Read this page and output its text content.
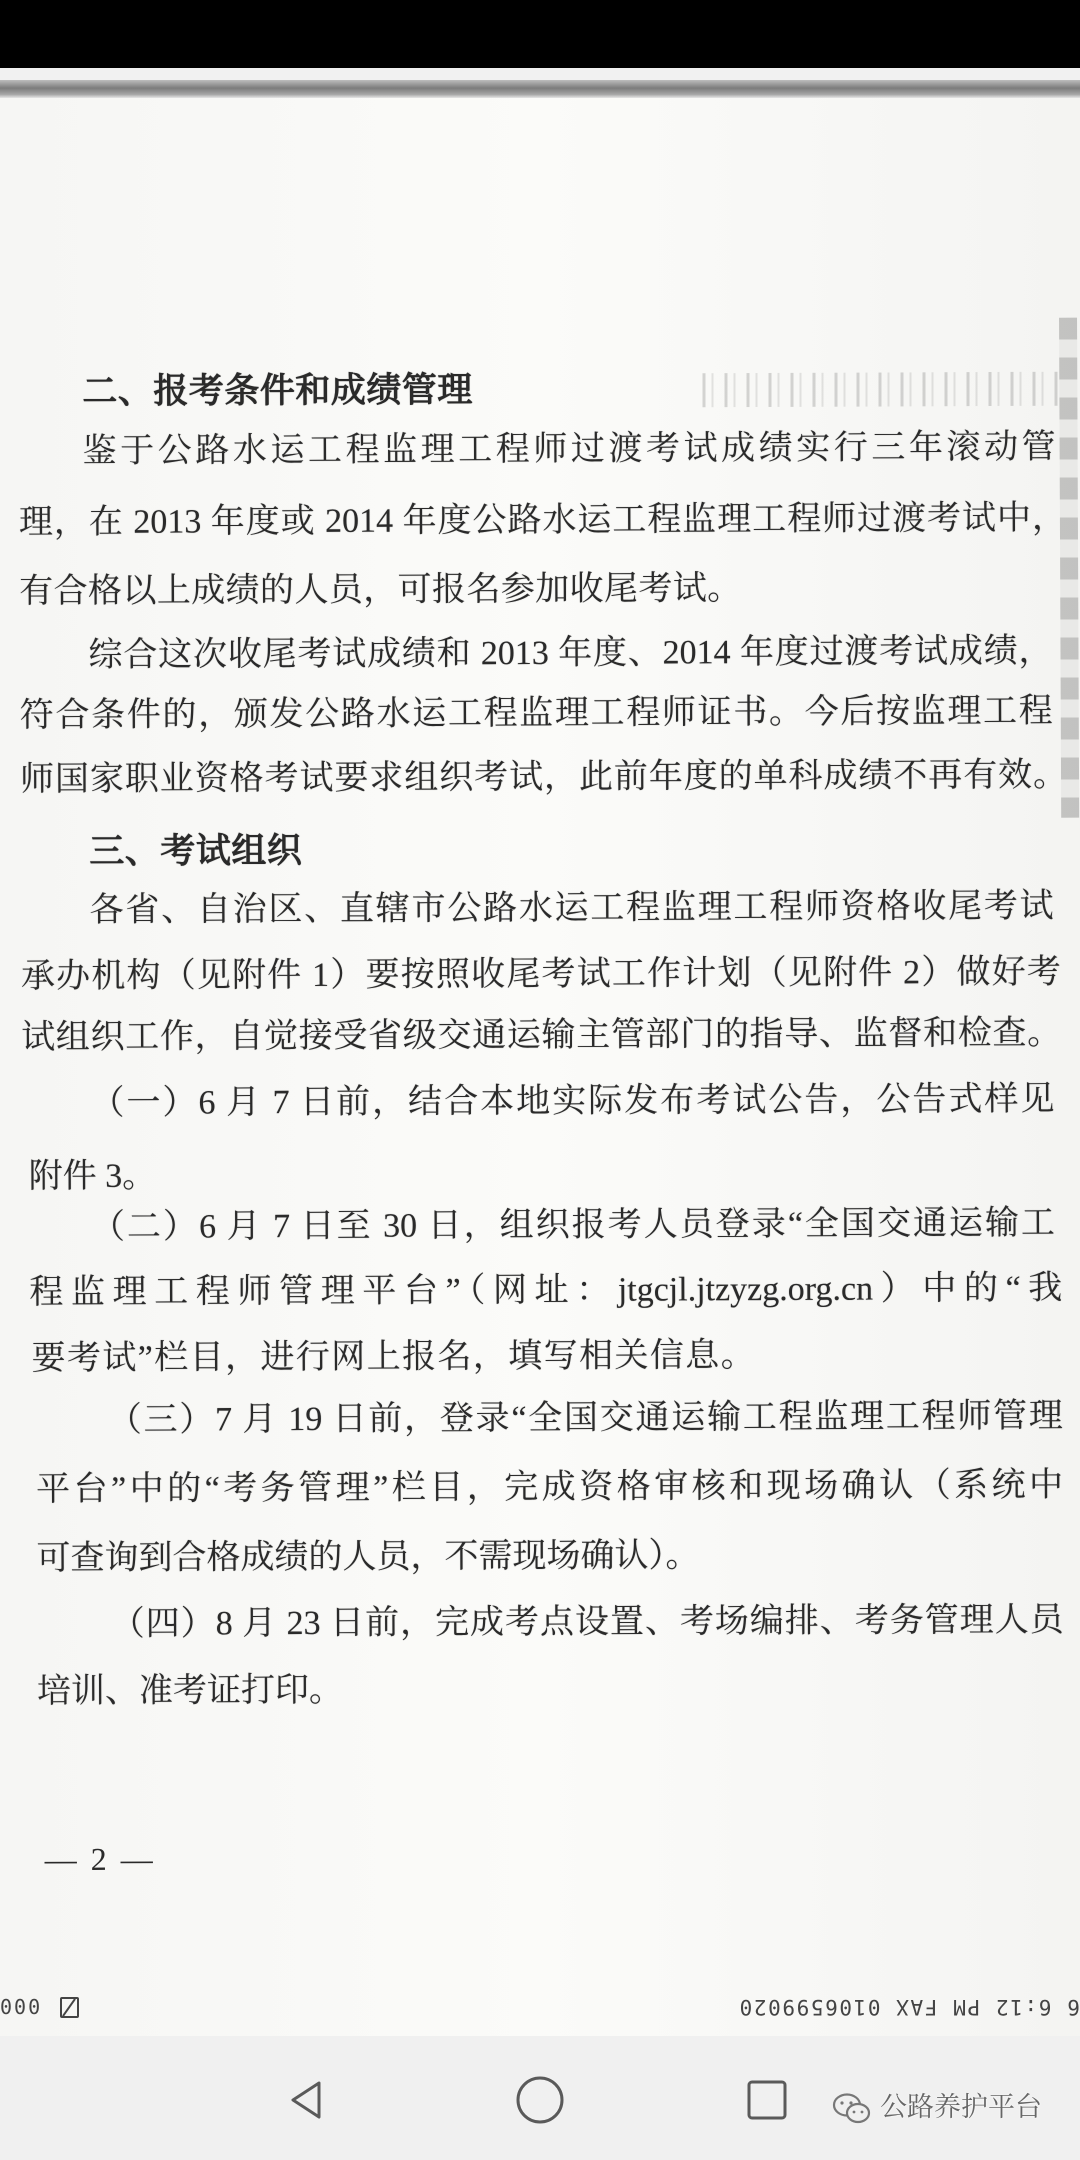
二、报考条件和成绩管理
鉴于公路水运工程监理工程师过渡考试成绩实行三年滚动管
理，在 2013 年度或 2014 年度公路水运工程监理工程师过渡考试中，
有合格以上成绩的人员，可报名参加收尾考试。
综合这次收尾考试成绩和 2013 年度、2014 年度过渡考试成绩，
符合条件的，颁发公路水运工程监理工程师证书。今后按监理工程
师国家职业资格考试要求组织考试，此前年度的单科成绩不再有效。
三、考试组织
各省、自治区、直辖市公路水运工程监理工程师资格收尾考试
承办机构（见附件 1）要按照收尾考试工作计划（见附件 2）做好考
试组织工作，自觉接受省级交通运输主管部门的指导、监督和检查。
（一）6 月 7 日前，结合本地实际发布考试公告，公告式样见
附件 3。
（二）6 月 7 日至 30 日，组织报考人员登录“全国交通运输工
程监理工程师管理平台”（网址：jtgcjl.jtzyzg.org.cn）中的“我
要考试”栏目，进行网上报名，填写相关信息。
（三）7 月 19 日前，登录“全国交通运输工程监理工程师管理
平台”中的“考务管理”栏目，完成资格审核和现场确认（系统中
可查询到合格成绩的人员，不需现场确认）。
（四）8 月 23 日前，完成考点设置、考场编排、考务管理人员
培训、准考证打印。
— 2 —
000	6 6:12 PM FAX 0106599020
公路养护平台
